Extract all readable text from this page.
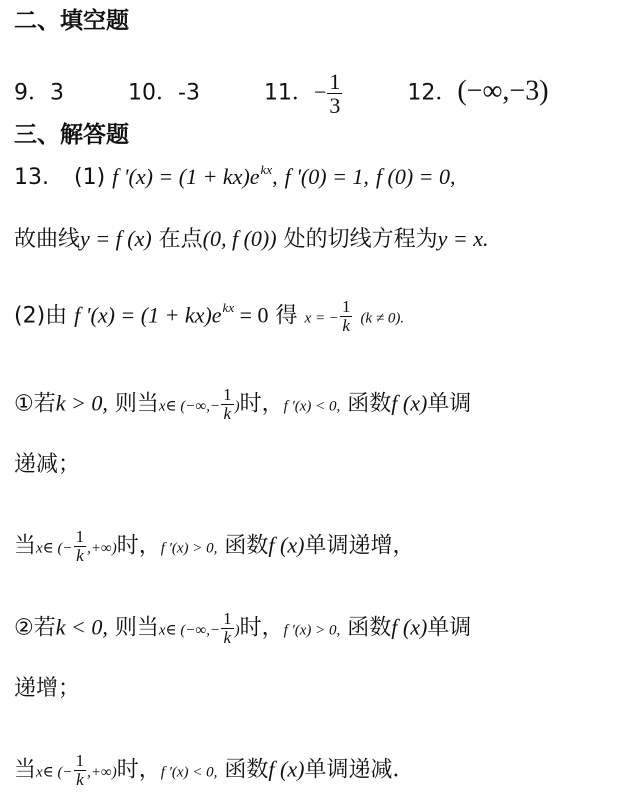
二、填空题
9．3	10．-3	11．− $\frac{1}{3}$	12．(−∞,−3)
三、解答题
13. (1) f '$(x) = (1 + kx)e^{kx}$, f '(0) = 1, f (0) = 0,
故曲线y = f (x) 在点(0, f (0)) 处的切线方程为y = x.
(2)由 f '$(x) = (1 + kx)e^{kx} = 0$ 得 x = − $\frac{1}{k} (k \ne 0)$.
①若k > 0, 则当x∈ (−∞,− $\frac{1}{k}$ )时，f '(x) < 0, 函数f (x)单调
递减；
当x∈ (− $\frac{1}{k}$ ,+∞)时，f '(x) > 0, 函数f (x)单调递增，
②若k < 0, 则当x∈ (−∞,− $\frac{1}{k}$ )时，f '(x) > 0, 函数f (x)单调
递增；
当x∈ (− $\frac{1}{k}$ ,+∞)时，f '(x) < 0, 函数f (x)单调递减．
